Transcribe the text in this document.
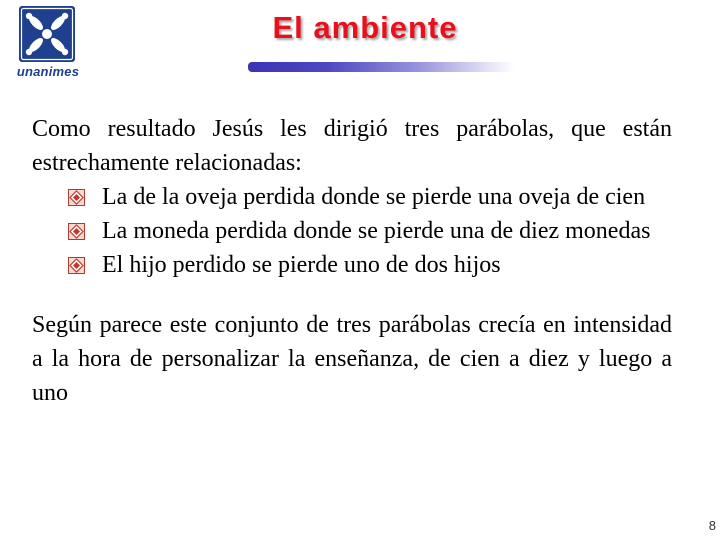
unanimes
El ambiente

Como resultado Jesús les dirigió tres parábolas, que están estrechamente relacionadas:

La de la oveja perdida donde se pierde una oveja de cien
La moneda perdida donde se pierde una de diez monedas
El hijo perdido se pierde uno de dos hijos

Según parece este conjunto de tres parábolas crecía en intensidad a la hora de personalizar la enseñanza, de cien a diez y luego a uno

8
